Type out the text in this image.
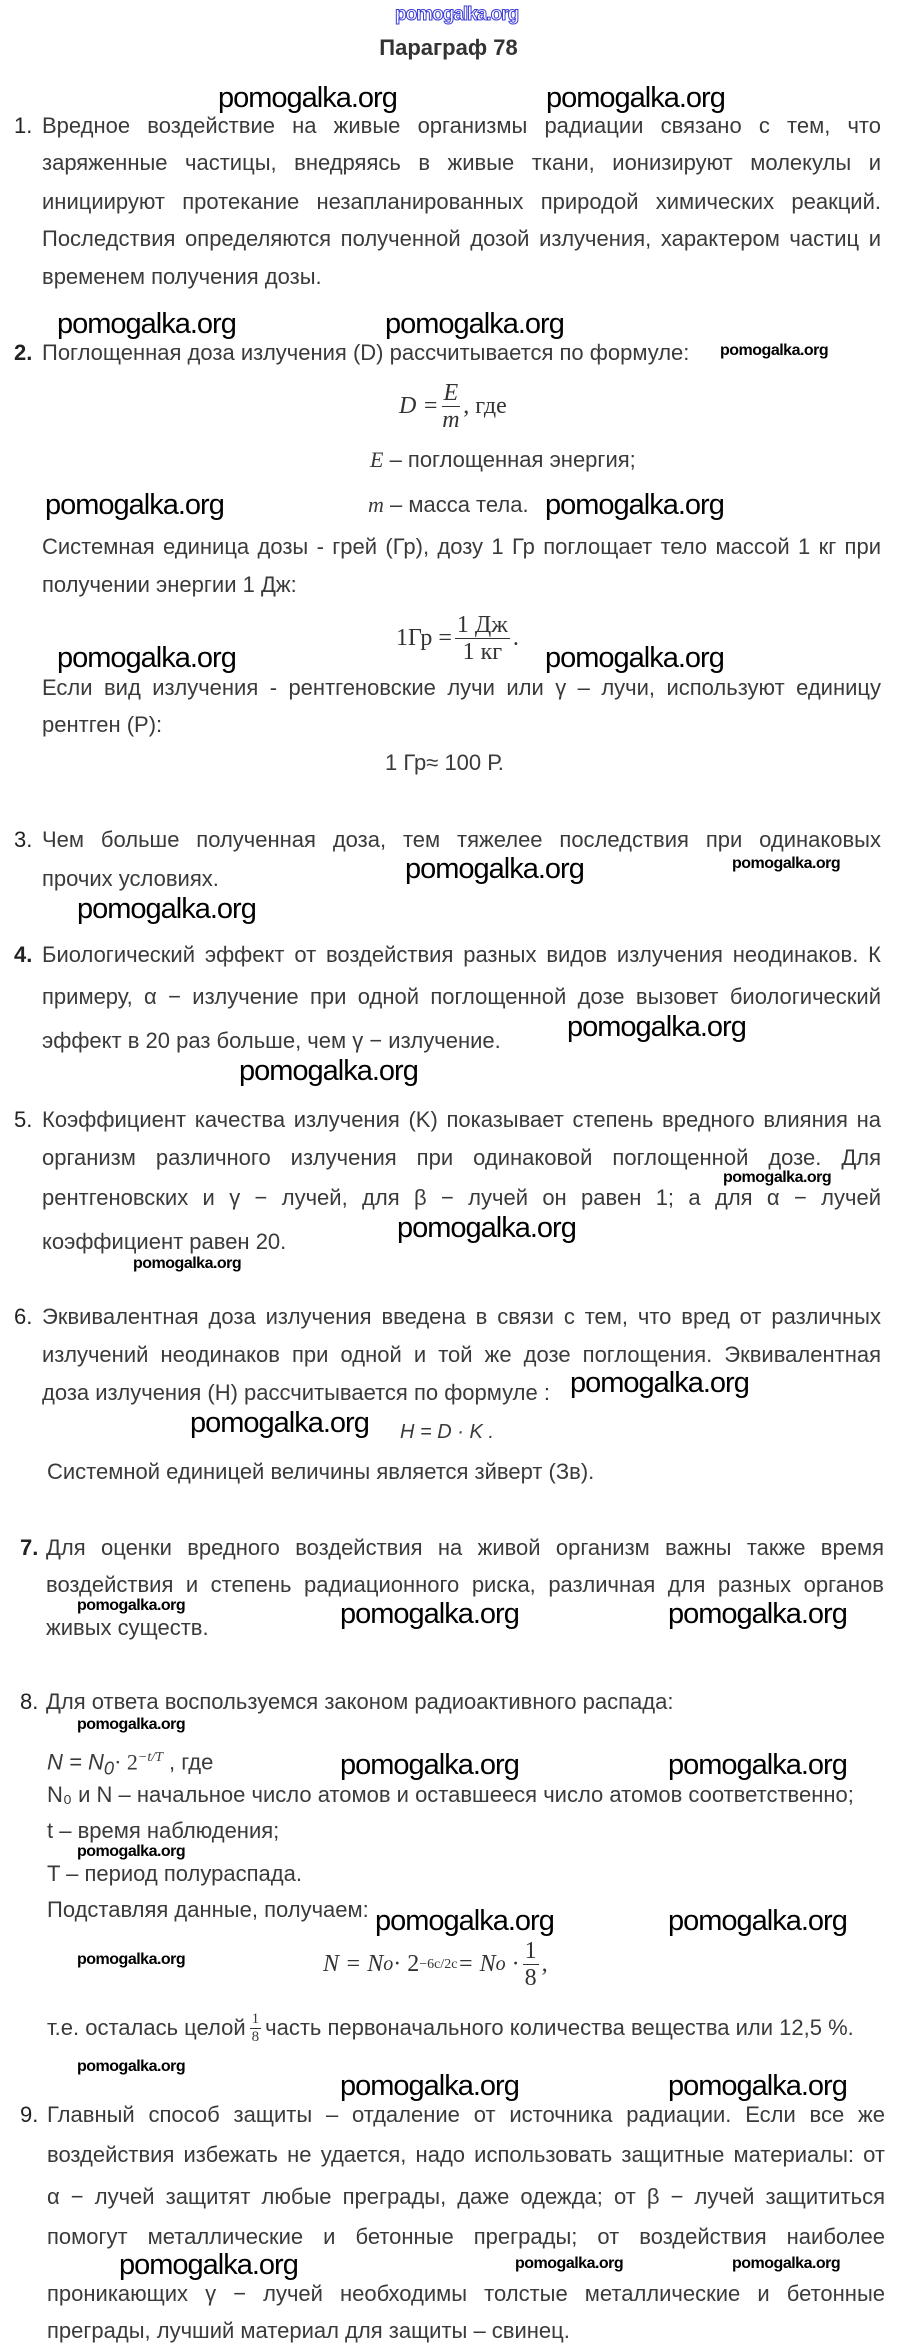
pomogalka.org
Параграф 78
1. Вредное воздействие на живые организмы радиации связано с тем, что
заряженные частицы, внедряясь в живые ткани, ионизируют молекулы и
инициируют протекание незапланированных природой химических реакций.
Последствия определяются полученной дозой излучения, характером частиц и
временем получения дозы.
2. Поглощенная доза излучения (D) рассчитывается по формуле:
$D = \frac{E}{m}$ , где
E – поглощенная энергия;
m – масса тела.
Системная единица дозы - грей (Гр), дозу 1 Гр поглощает тело массой 1 кг при
получении энергии 1 Дж:
$1Гр = \frac{1 Дж}{1 кг}$ .
Если вид излучения - рентгеновские лучи или γ – лучи, используют единицу
рентген (Р):
1 Гр≈ 100 Р.
3. Чем больше полученная доза, тем тяжелее последствия при одинаковых
прочих условиях.
4. Биологический эффект от воздействия разных видов излучения неодинаков. К
примеру, α − излучение при одной поглощенной дозе вызовет биологический
эффект в 20 раз больше, чем γ − излучение.
5. Коэффициент качества излучения (K) показывает степень вредного влияния на
организм различного излучения при одинаковой поглощенной дозе. Для
рентгеновских и γ − лучей, для β − лучей он равен 1; а для α − лучей
коэффициент равен 20.
6. Эквивалентная доза излучения введена в связи с тем, что вред от различных
излучений неодинаков при одной и той же дозе поглощения. Эквивалентная
доза излучения (H) рассчитывается по формуле :
H = D · K .
Системной единицей величины является зйверт (Зв).
7. Для оценки вредного воздействия на живой организм важны также время
воздействия и степень радиационного риска, различная для разных органов
живых существ.
8. Для ответа воспользуемся законом радиоактивного распада:
$N = N_0\cdot 2^{-t/T}$ , где
N₀ и N – начальное число атомов и оставшееся число атомов соответственно;
t – время наблюдения;
T – период полураспада.
Подставляя данные, получаем:
N = N o · 2 −6c/2c = N $o \cdot \frac{1}{8}$ ,
т.е. осталась целой $\frac{1}{8}$ часть первоначального количества вещества или 12,5 %.
9. Главный способ защиты – отдаление от источника радиации. Если все же
воздействия избежать не удается, надо использовать защитные материалы: от
α − лучей защитят любые преграды, даже одежда; от β − лучей защититься
помогут металлические и бетонные преграды; от воздействия наиболее
проникающих γ − лучей необходимы толстые металлические и бетонные
преграды, лучший материал для защиты – свинец.
pomogalka.org	pomogalka.org
pomogalka.org	pomogalka.org
pomogalka.org	pomogalka.org
pomogalka.org	pomogalka.org
pomogalka.org
pomogalka.org
pomogalka.org
pomogalka.org
pomogalka.org
pomogalka.org
pomogalka.org
pomogalka.org	pomogalka.org
pomogalka.org	pomogalka.org
pomogalka.org	pomogalka.org
pomogalka.org	pomogalka.org
pomogalka.org
pomogalka.org
pomogalka.org
pomogalka.org
pomogalka.org
pomogalka.org
pomogalka.org
pomogalka.org
pomogalka.org
pomogalka.org
pomogalka.org	pomogalka.org
